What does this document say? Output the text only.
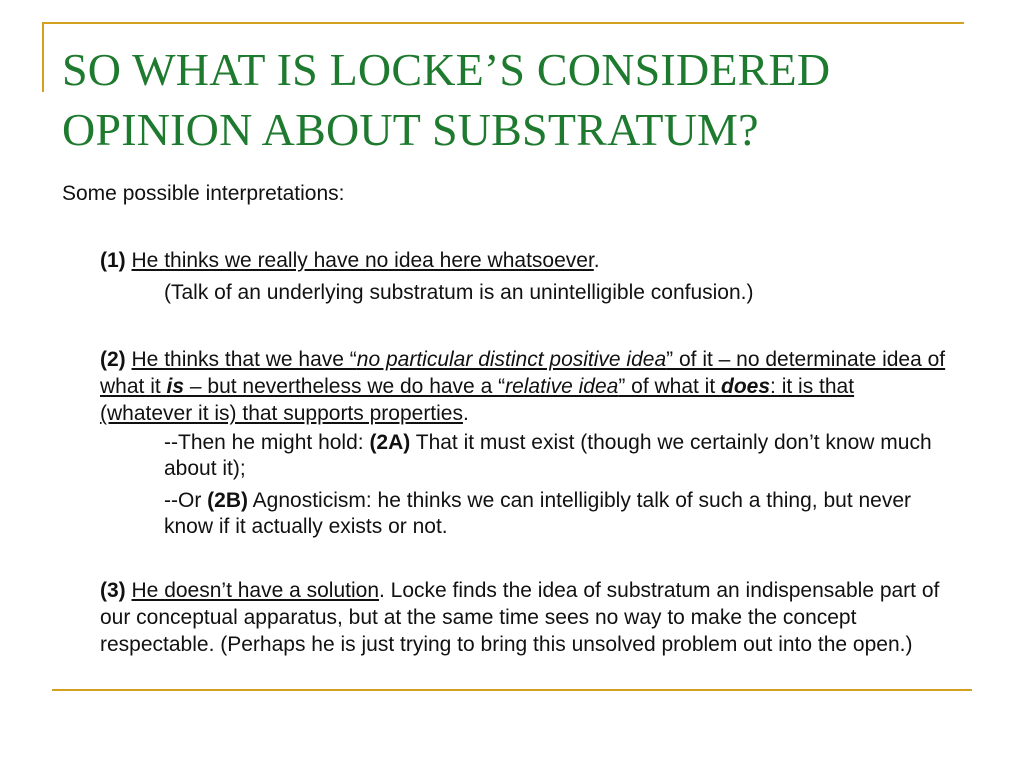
SO WHAT IS LOCKE’S CONSIDERED
OPINION ABOUT SUBSTRATUM?

Some possible interpretations:

(1) He thinks we really have no idea here whatsoever.

(Talk of an underlying substratum is an unintelligible confusion.)

(2) He thinks that we have “no particular distinct positive idea” of it – no determinate idea of what it is – but nevertheless we do have a “relative idea” of what it does: it is that (whatever it is) that supports properties.

--Then he might hold: (2A) That it must exist (though we certainly don’t know much about it);

--Or (2B) Agnosticism: he thinks we can intelligibly talk of such a thing, but never know if it actually exists or not.

(3) He doesn’t have a solution. Locke finds the idea of substratum an indispensable part of our conceptual apparatus, but at the same time sees no way to make the concept respectable. (Perhaps he is just trying to bring this unsolved problem out into the open.)
